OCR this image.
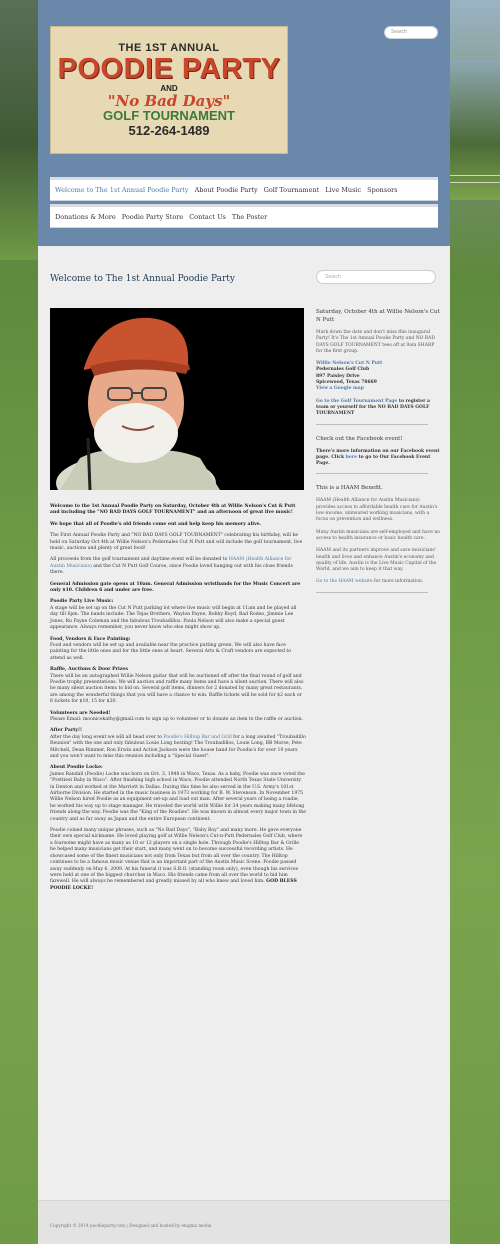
THE 1ST ANNUAL
POODIE PARTY
AND
"No Bad Days"
GOLF TOURNAMENT
512-264-1489
Search
Welcome to The 1st Annual Poodie Party About Poodie Party Golf Tournament Live Music Sponsors
Donations & More Poodie Party Store Contact Us The Poster
Welcome to The 1st Annual Poodie Party	Search

Welcome to the 1st Annual Poodie Party on Saturday, October 4th at Willie Nelson's Cut & Putt and including the "NO BAD DAYS GOLF TOURNAMENT" and an afternoon of great live music!

We hope that all of Poodie's old friends come out and help keep his memory alive.

The First Annual Poodie Party and "NO BAD DAYS GOLF TOURNAMENT" celebrating his birthday, will be held on Saturday Oct 4th at Willie Nelson's Pedernales Cut N Putt and will include the golf tournament, live music, auctions and plenty of great food!

All proceeds from the golf tournament and daytime event will be donated to HAAM (Health Alliance for Austin Musicians) and the Cut N Putt Golf Course, since Poodie loved hanging out with his close friends there.

General Admission gate opens at 10am. General Admission wristbands for the Music Concert are only $10. Children 6 and under are free.

Poodie Party Live Music:
A stage will be set up on the Cut N Putt parking lot where live music will begin at 11am and be played all day till 6pm. The bands include: The Tejas Brothers, Waylon Payne, Bobby Boyd, Bad Rodeo, Jimmie Lee Jones, Ru Payne Coleman and the fabulous Troubadillos. Paula Nelson will also make a special guest appearance. Always remember, you never know who else might show up.

Food, Vendors & Face Painting:
Food and vendors will be set up and available near the practice putting green. We will also have face painting for the little ones and for the little ones at heart. Several Arts & Craft vendors are expected to attend as well.

Raffle, Auctions & Door Prizes
There will be an autographed Willie Nelson guitar that will be auctioned off after the final round of golf and Poodie trophy presentations. We will auction and raffle many items and have a silent auction. There will also be many silent auction items to bid on. Several golf items, dinners for 2 donated by many great restaurants, are among the wonderful things that you will have a chance to win. Raffle tickets will be sold for $2 each or 6 tickets for $10, 15 for $20.

Volunteers are Needed!
Please Email: moonicekathy@gmail.com to sign up to volunteer or to donate an item to the raffle or auction.

After Party!!
After the day long event we will all head over to Poodie's Hilltop Bar and Grill for a long awaited "Troubadillo Reunion" with the one and only fabulous Louie Long hosting! The Troubadillos, Louie Long, BB Morse, Pete Mitchell, Dean Rimmer, Ron Erwin and Action Jackson were the house band for Poodie's for over 10 years and you won't want to miss this reunion including a "Special Guest".

About Poodie Locke:
James Randall (Poodie) Locke was born on Oct. 3, 1948 in Waco, Texas. As a baby, Poodie was once voted the "Prettiest Baby in Waco". After finishing high school in Waco, Poodie attended North Texas State University in Denton and worked at the Marriott in Dallas. During this time he also served in the U.S. Army's 101st Airborne Division. He started in the music business in 1973 working for B. W. Stevenson. In November 1975 Willie Nelson hired Poodie as an equipment set-up and load out man. After several years of being a roadie, he worked his way up to stage manager. He traveled the world with Willie for 34 years making many lifelong friends along the way. Poodie was the "King of the Roadies". He was known in almost every major town in the country and as far away as Japan and the entire European continent.

Poodie coined many unique phrases, such as "No Bad Days", "Baby Boy" and many more. He gave everyone their own special nickname. He loved playing golf at Willie Nelson's Cut-n-Putt Pedernales Golf Club, where a foursome might have as many as 10 or 12 players on a single hole. Through Poodie's Hilltop Bar & Grille he helped many musicians get their start, and many went on to become successful recording artists. He showcased some of the finest musicians not only from Texas but from all over the country. The Hilltop continues to be a famous music venue that is an important part of the Austin Music Scene. Poodie passed away suddenly on May 6, 2009. At his funeral it was S.R.O. (standing room only), even though his services were held at one of the biggest churches in Waco. His friends came from all over the world to bid him farewell. He will always be remembered and greatly missed by all who knew and loved him. GOD BLESS POODIE LOCKE!

Saturday, October 4th at Willie Nelson's Cut N Putt

Mark down the date and don't miss this inaugural Party! It's The 1st Annual Poodie Party and NO BAD DAYS GOLF TOURNAMENT tees off at 9am SHARP for the first group.

Willie Nelson's Cut N Putt
Pedernales Golf Club
897 Paisley Drive
Spicewood, Texas 78669
View a Google map

Go to the Golf Tournament Page to register a team or yourself for the NO BAD DAYS GOLF TOURNAMENT

Check out the Facebook event!

There's more information on our Facebook event page. Click here to go to Our Facebook Event Page.

This is a HAAM Benefit.

HAAM (Health Alliance for Austin Musicians) provides access to affordable health care for Austin's low-income, uninsured working musicians, with a focus on prevention and wellness.

Many Austin musicians are self-employed and have no access to health insurance or basic health care.

HAAM and its partners improve and save musicians' health and lives and enhance Austin's economy and quality of life. Austin is the Live Music Capital of the World, and we aim to keep it that way.

Go to the HAAM website for more information.

Copyright © 2014 poodieparty.com | Designed and hosted by enigma media
